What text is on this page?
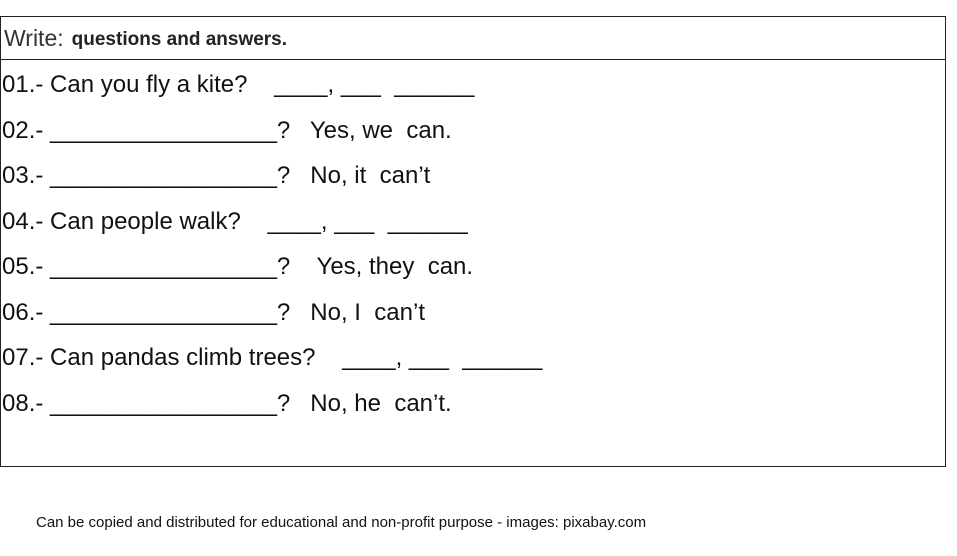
Write: questions and answers.
01.- Can you fly a kite?    ____, ___  ______
02.- _________________?   Yes, we  can.
03.- _________________?   No, it  can’t
04.- Can people walk?    ____, ___  ______
05.- _________________?    Yes, they  can.
06.- _________________?   No, I  can’t
07.- Can pandas climb trees?    ____, ___  ______
08.- _________________?   No, he  can’t.
Can be copied and distributed for educational and non-profit purpose - images: pixabay.com
